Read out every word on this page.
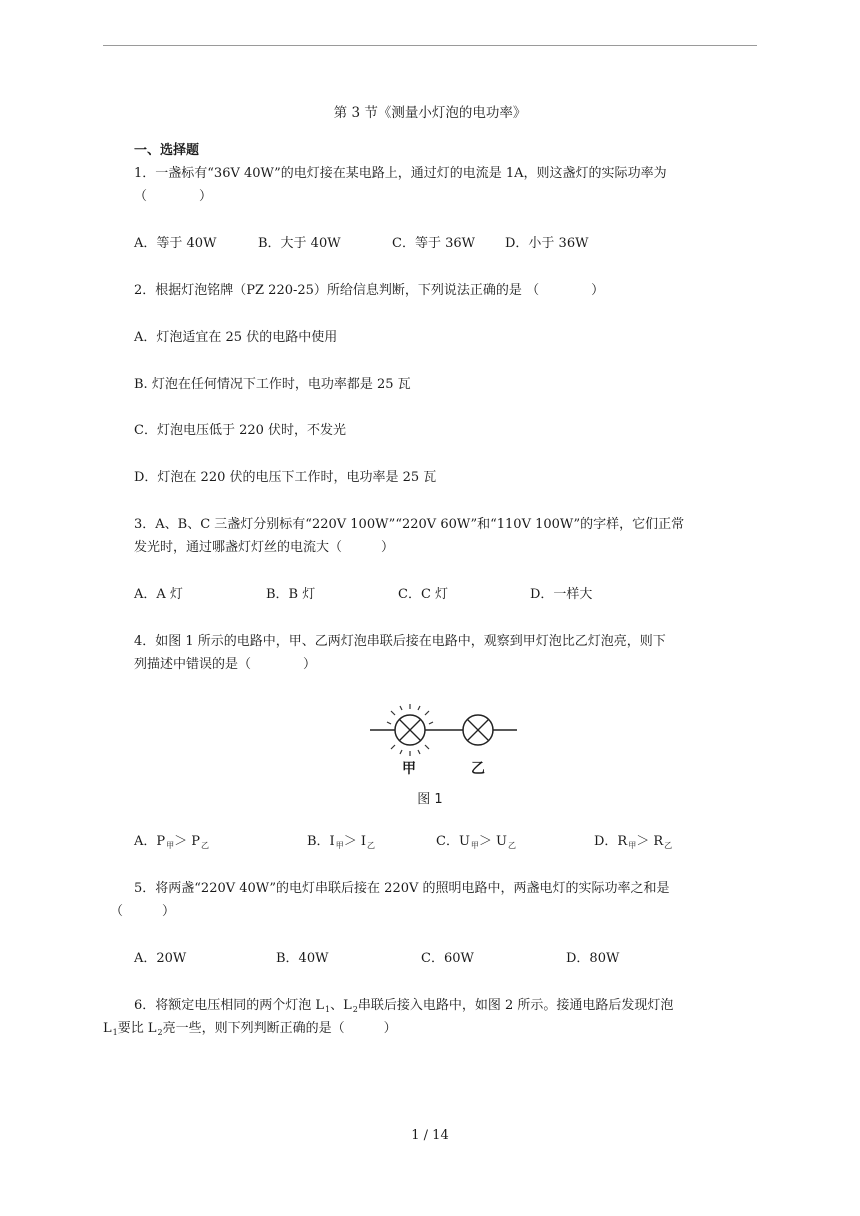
第 3 节《测量小灯泡的电功率》
一、选择题
1．一盏标有“36V 40W”的电灯接在某电路上，通过灯的电流是 1A，则这盏灯的实际功率为
（　　　　）
A．等于 40W	B．大于 40W	C．等于 36W D．小于 36W
2．根据灯泡铭牌（PZ 220-25）所给信息判断，下列说法正确的是 （　　　　）
A．灯泡适宜在 25 伏的电路中使用
B. 灯泡在任何情况下工作时，电功率都是 25 瓦
C．灯泡电压低于 220 伏时，不发光
D．灯泡在 220 伏的电压下工作时，电功率是 25 瓦
3．A、B、C 三盏灯分别标有“220V 100W”“220V 60W”和“110V 100W”的字样，它们正常
发光时，通过哪盏灯灯丝的电流大（　　　）
A．A 灯	B．B 灯	C．C 灯	D．一样大
4．如图 1 所示的电路中，甲、乙两灯泡串联后接在电路中，观察到甲灯泡比乙灯泡亮，则下
列描述中错误的是（　　　　）
甲	乙
图 1
A．$P_甲> P_乙$	B．$I_甲> I_乙$	C．$U_甲> U_乙$	D．$R_甲> R_乙$
5．将两盏“220V 40W”的电灯串联后接在 220V 的照明电路中，两盏电灯的实际功率之和是
（　　　）
A．20W	B．40W	C．60W	D．80W
6．将额定电压相同的两个灯泡 $L_1$、$L_2$串联后接入电路中，如图 2 所示。接通电路后发现灯泡
$L_1$要比 $L_2$亮一些，则下列判断正确的是（　　　）
1 / 14
